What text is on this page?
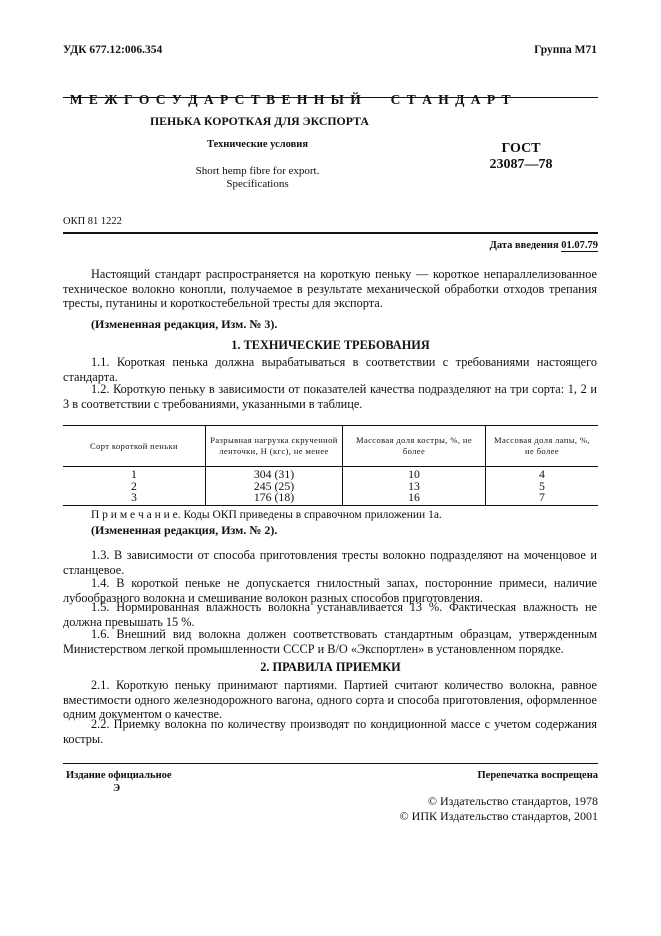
УДК 677.12:006.354	Группа М71

М Е Ж Г О С У Д А Р С Т В Е Н Н Ы Й     С Т А Н Д А Р Т

ПЕНЬКА КОРОТКАЯ ДЛЯ ЭКСПОРТА
Технические условия
Short hemp fibre for export.
Specifications
ГОСТ
23087—78
ОКП 81 1222
Дата введения 01.07.79
Настоящий стандарт распространяется на короткую пеньку — короткое непараллелизованное техническое волокно конопли, получаемое в результате механической обработки отходов трепания тресты, путанины и короткостебельной тресты для экспорта.
(Измененная редакция, Изм. № 3).
1. ТЕХНИЧЕСКИЕ ТРЕБОВАНИЯ
1.1. Короткая пенька должна вырабатываться в соответствии с требованиями настоящего стандарта.
1.2. Короткую пеньку в зависимости от показателей качества подразделяют на три сорта: 1, 2 и 3 в соответствии с требованиями, указанными в таблице.
Сорт короткой пеньки	Разрывная нагрузка скрученной ленточки, Н (кгс), не менее	Массовая доля костры, %, не более	Массовая доля лапы, %, не более
1	304 (31)	10	4
2	245 (25)	13	5
3	176 (18)	16	7
П р и м е ч а н и е. Коды ОКП приведены в справочном приложении 1а.
(Измененная редакция, Изм. № 2).
1.3. В зависимости от способа приготовления тресты волокно подразделяют на моченцовое и стланцевое.
1.4. В короткой пеньке не допускается гнилостный запах, посторонние примеси, наличие лубообразного волокна и смешивание волокон разных способов приготовления.
1.5. Нормированная влажность волокна устанавливается 13 %. Фактическая влажность не должна превышать 15 %.
1.6. Внешний вид волокна должен соответствовать стандартным образцам, утвержденным Министерством легкой промышленности СССР и В/О «Экспортлен» в установленном порядке.
2. ПРАВИЛА ПРИЕМКИ
2.1. Короткую пеньку принимают партиями. Партией считают количество волокна, равное вместимости одного железнодорожного вагона, одного сорта и способа приготовления, оформленное одним документом о качестве.
2.2. Приемку волокна по количеству производят по кондиционной массе с учетом содержания костры.
Издание официальное
Э
Перепечатка воспрещена
© Издательство стандартов, 1978
© ИПК Издательство стандартов, 2001
